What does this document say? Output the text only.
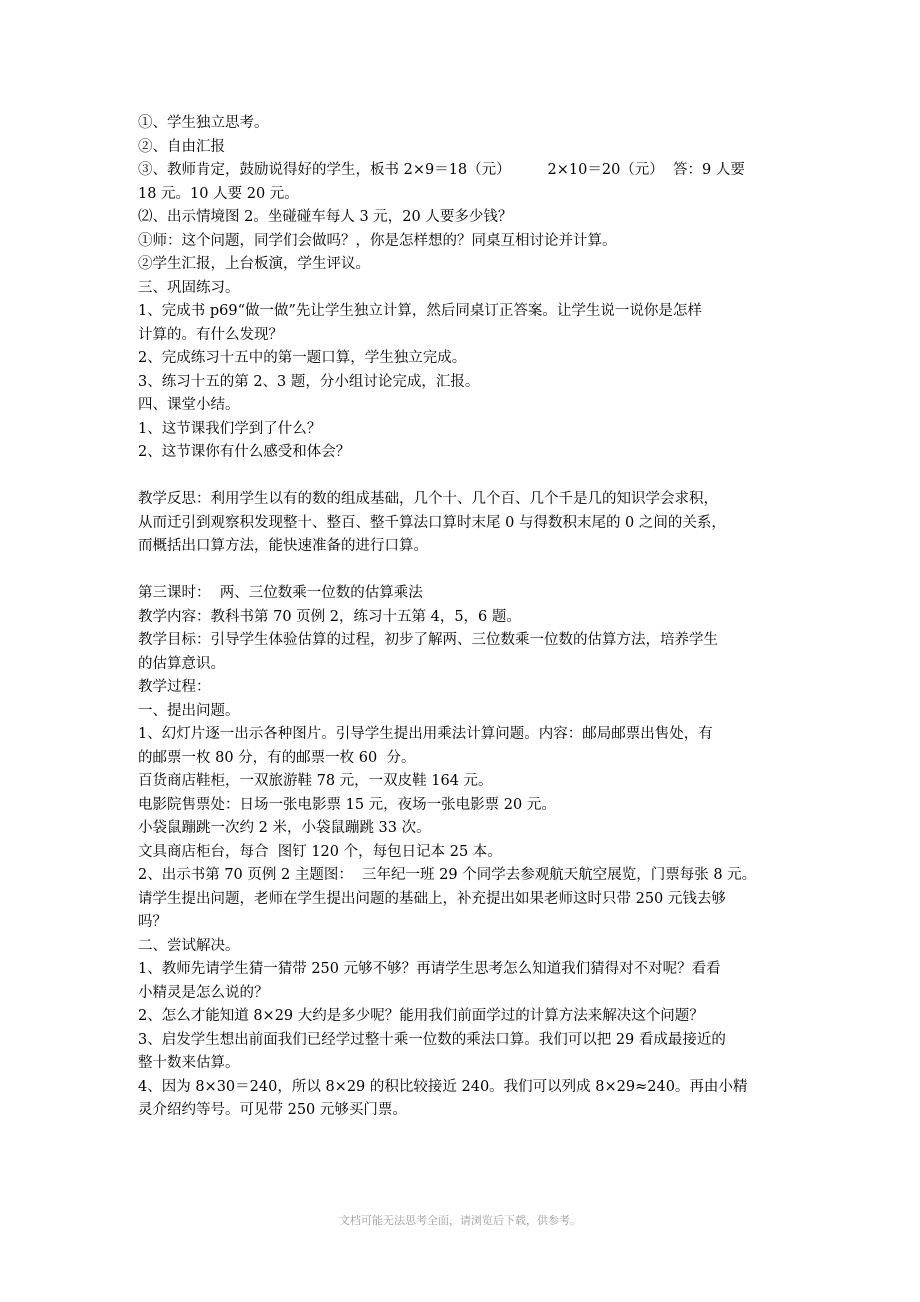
①、学生独立思考。
②、自由汇报
③、教师肯定，鼓励说得好的学生，板书 2×9＝18（元）        2×10＝20（元）  答：9 人要
18 元。10 人要 20 元。
⑵、出示情境图 2。坐碰碰车每人 3 元，20 人要多少钱？
①师：这个问题，同学们会做吗？，你是怎样想的？同桌互相讨论并计算。
②学生汇报，上台板演，学生评议。
三、巩固练习。
1、完成书 p69“做一做”先让学生独立计算，然后同桌订正答案。让学生说一说你是怎样
计算的。有什么发现？
2、完成练习十五中的第一题口算，学生独立完成。
3、练习十五的第 2、3 题，分小组讨论完成，汇报。
四、课堂小结。
1、这节课我们学到了什么？
2、这节课你有什么感受和体会？
教学反思：利用学生以有的数的组成基础，几个十、几个百、几个千是几的知识学会求积，
从而迁引到观察积发现整十、整百、整千算法口算时末尾 0 与得数积末尾的 0 之间的关系，
而概括出口算方法，能快速准备的进行口算。
第三课时：  两、三位数乘一位数的估算乘法
教学内容：教科书第 70 页例 2，练习十五第 4，5，6 题。
教学目标：引导学生体验估算的过程，初步了解两、三位数乘一位数的估算方法，培养学生
的估算意识。
教学过程：
一、提出问题。
1、幻灯片逐一出示各种图片。引导学生提出用乘法计算问题。内容：邮局邮票出售处，有
的邮票一枚 80 分，有的邮票一枚 60  分。
百货商店鞋柜，一双旅游鞋 78 元，一双皮鞋 164 元。
电影院售票处：日场一张电影票 15 元，夜场一张电影票 20 元。
小袋鼠蹦跳一次约 2 米，小袋鼠蹦跳 33 次。
文具商店柜台，每合  图钉 120 个，每包日记本 25 本。
2、出示书第 70 页例 2 主题图：  三年纪一班 29 个同学去参观航天航空展览，门票每张 8 元。
请学生提出问题，老师在学生提出问题的基础上，补充提出如果老师这时只带 250 元钱去够
吗？
二、尝试解决。
1、教师先请学生猜一猜带 250 元够不够？再请学生思考怎么知道我们猜得对不对呢？看看
小精灵是怎么说的？
2、怎么才能知道 8×29 大约是多少呢？能用我们前面学过的计算方法来解决这个问题？
3、启发学生想出前面我们已经学过整十乘一位数的乘法口算。我们可以把 29 看成最接近的
整十数来估算。
4、因为 8×30＝240，所以 8×29 的积比较接近 240。我们可以列成 8×29≈240。再由小精
灵介绍约等号。可见带 250 元够买门票。
文档可能无法思考全面，请浏览后下载，供参考。
